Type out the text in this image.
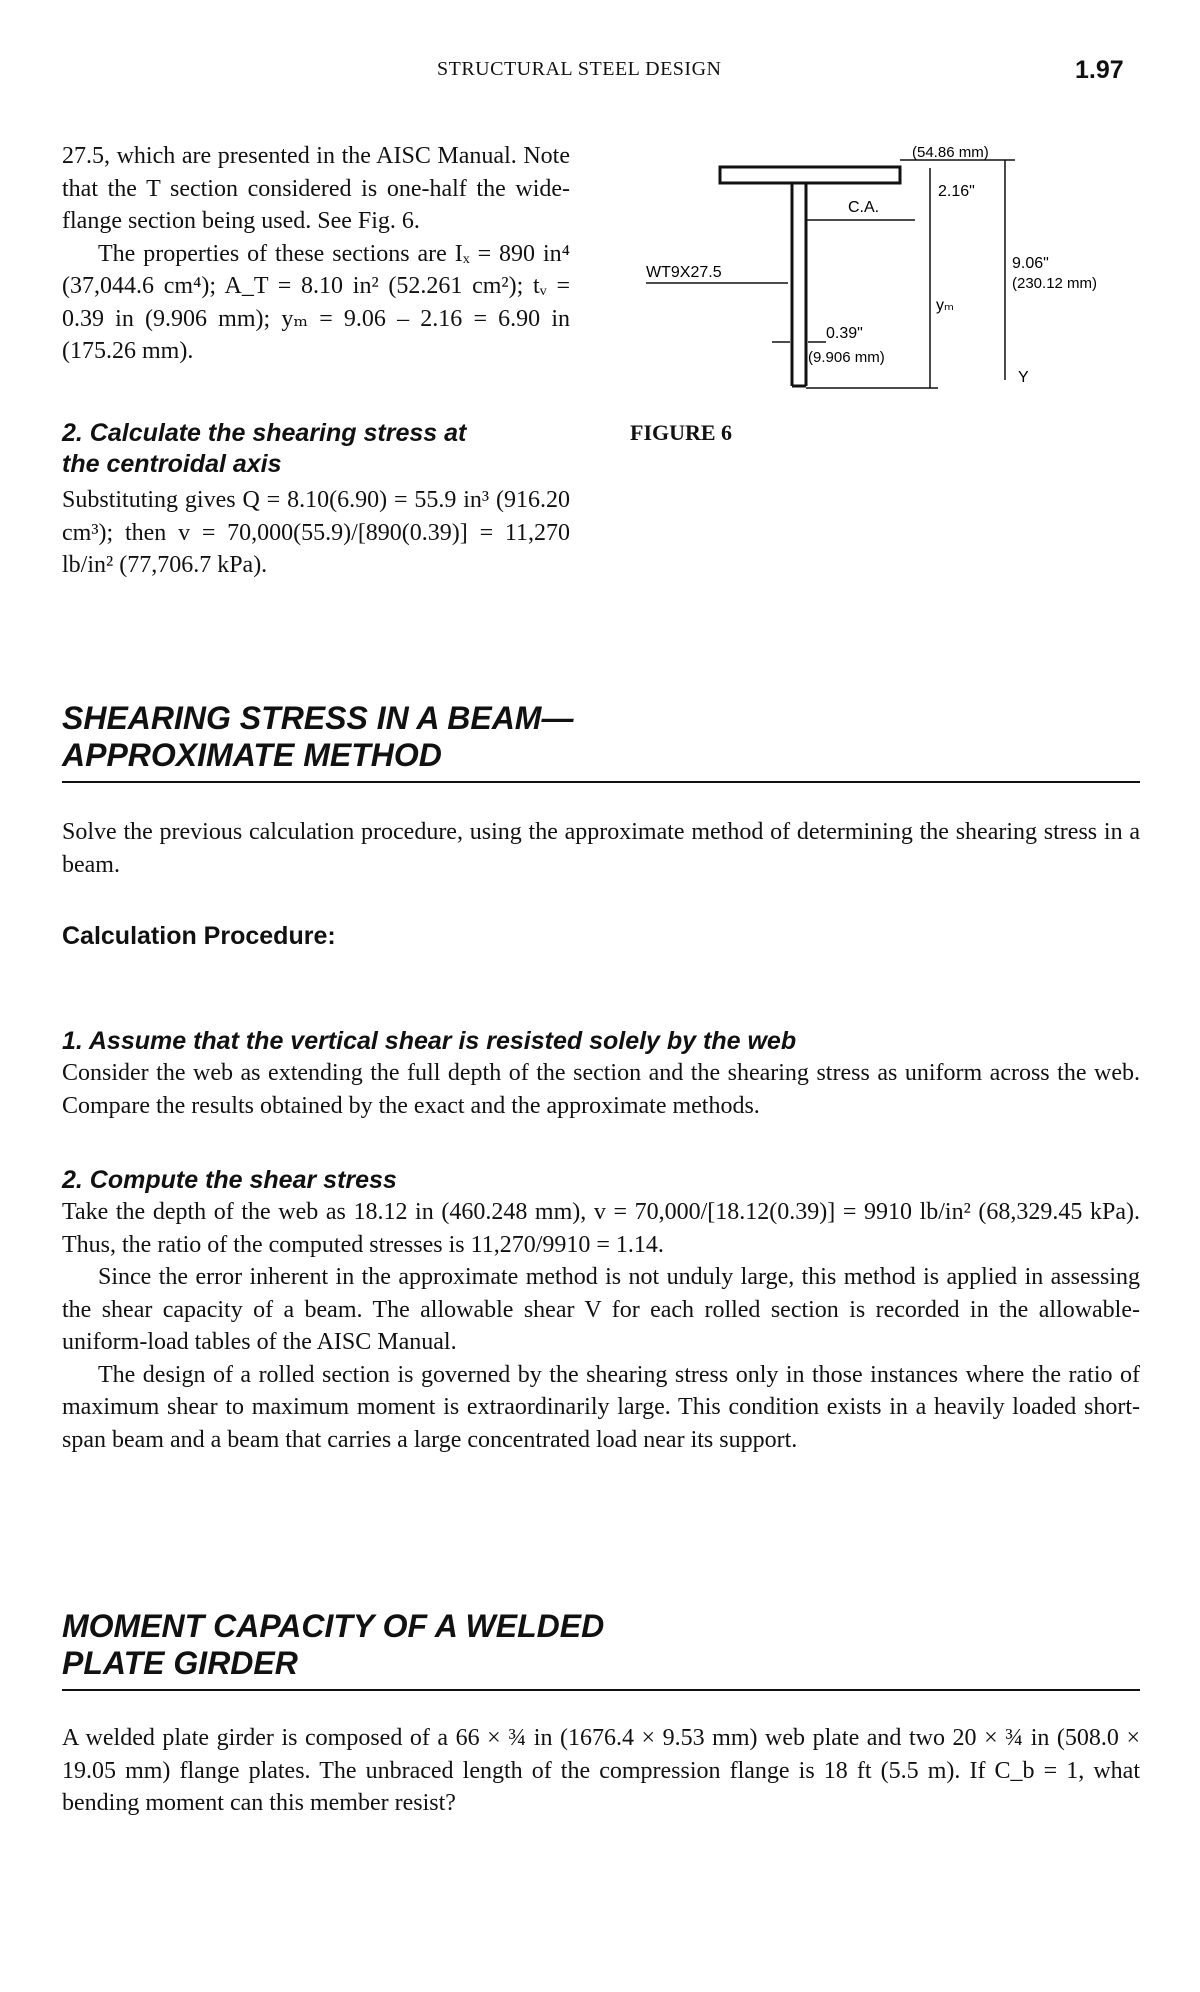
STRUCTURAL STEEL DESIGN	1.97

27.5, which are presented in the AISC Manual. Note that the T section considered is one-half the wide-flange section being used. See Fig. 6.

The properties of these sections are Iₓ = 890 in⁴ (37,044.6 cm⁴); A_T = 8.10 in² (52.261 cm²); tᵥ = 0.39 in (9.906 mm); yₘ = 9.06 – 2.16 = 6.90 in (175.26 mm).

2. Calculate the shearing stress at the centroidal axis
Substituting gives Q = 8.10(6.90) = 55.9 in³ (916.20 cm³); then v = 70,000(55.9)/[890(0.39)] = 11,270 lb/in² (77,706.7 kPa).
(54.86 mm)
2.16"
yₘ
9.06"
(230.12 mm)
C.A.
WT9X27.5
0.39"
(9.906 mm)
Y
FIGURE 6
SHEARING STRESS IN A BEAM—
APPROXIMATE METHOD
Solve the previous calculation procedure, using the approximate method of determining the shearing stress in a beam.
Calculation Procedure:
1. Assume that the vertical shear is resisted solely by the web
Consider the web as extending the full depth of the section and the shearing stress as uniform across the web. Compare the results obtained by the exact and the approximate methods.
2. Compute the shear stress

Take the depth of the web as 18.12 in (460.248 mm), v = 70,000/[18.12(0.39)] = 9910 lb/in² (68,329.45 kPa). Thus, the ratio of the computed stresses is 11,270/9910 = 1.14.

Since the error inherent in the approximate method is not unduly large, this method is applied in assessing the shear capacity of a beam. The allowable shear V for each rolled section is recorded in the allowable-uniform-load tables of the AISC Manual.

The design of a rolled section is governed by the shearing stress only in those instances where the ratio of maximum shear to maximum moment is extraordinarily large. This condition exists in a heavily loaded short-span beam and a beam that carries a large concentrated load near its support.

MOMENT CAPACITY OF A WELDED
PLATE GIRDER
A welded plate girder is composed of a 66 × ¾ in (1676.4 × 9.53 mm) web plate and two 20 × ¾ in (508.0 × 19.05 mm) flange plates. The unbraced length of the compression flange is 18 ft (5.5 m). If C_b = 1, what bending moment can this member resist?
